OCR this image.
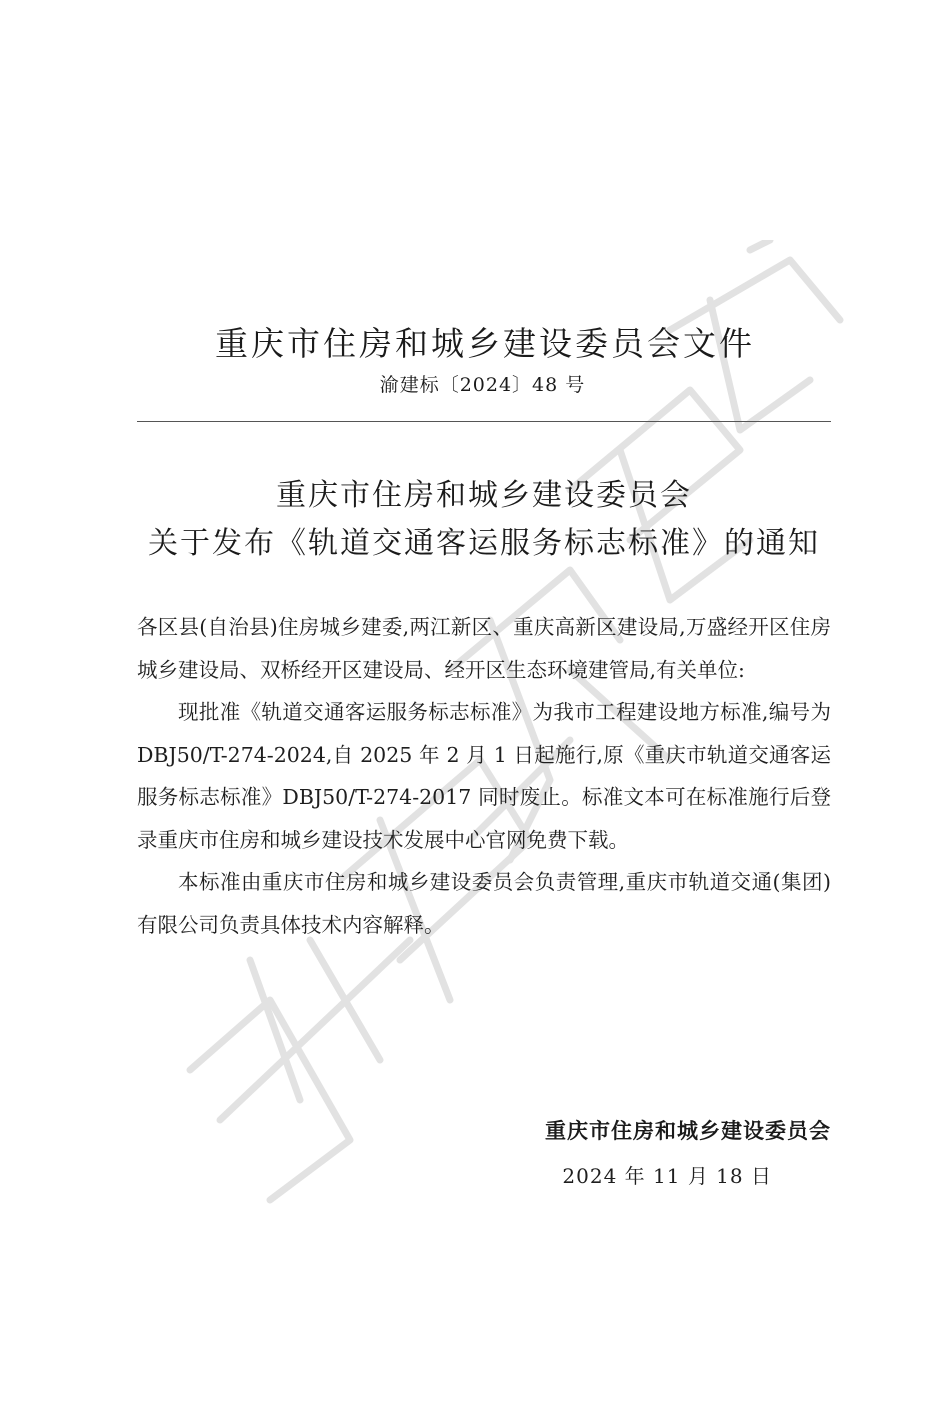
重庆市住房和城乡建设委员会文件
渝建标〔2024〕48 号
重庆市住房和城乡建设委员会
关于发布《轨道交通客运服务标志标准》的通知

各区县(自治县)住房城乡建委,两江新区、重庆高新区建设局,万盛经开区住房城乡建设局、双桥经开区建设局、经开区生态环境建管局,有关单位:

现批准《轨道交通客运服务标志标准》为我市工程建设地方标准,编号为 DBJ50/T-274-2024,自 2025 年 2 月 1 日起施行,原《重庆市轨道交通客运服务标志标准》DBJ50/T-274-2017 同时废止。标准文本可在标准施行后登录重庆市住房和城乡建设技术发展中心官网免费下载。

本标准由重庆市住房和城乡建设委员会负责管理,重庆市轨道交通(集团)有限公司负责具体技术内容解释。

重庆市住房和城乡建设委员会
2024 年 11 月 18 日
